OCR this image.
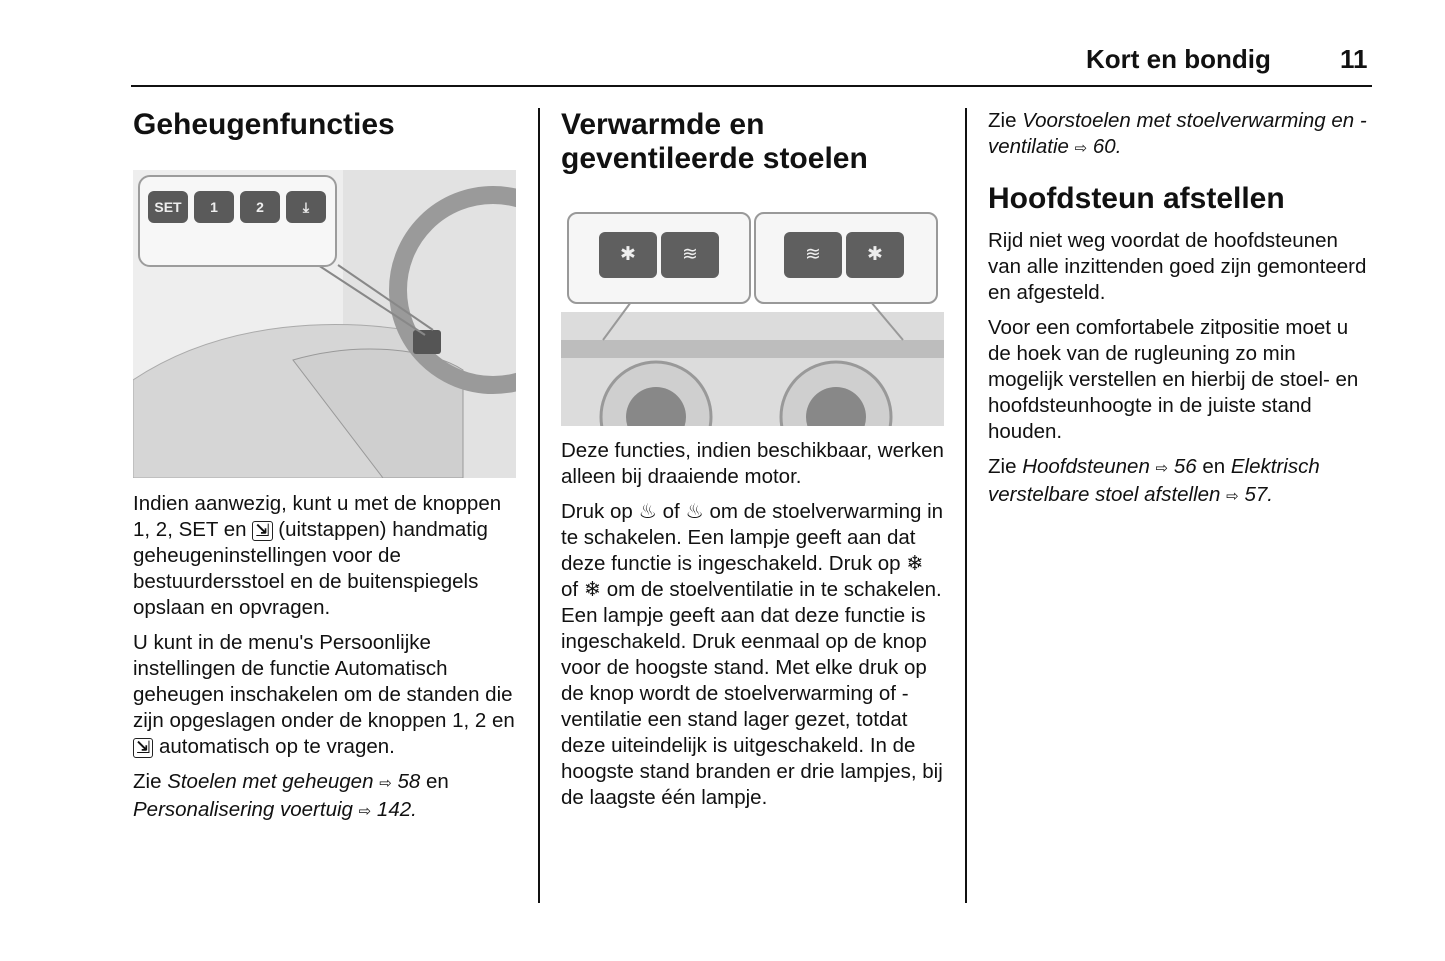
Kort en bondig	11
Geheugenfuncties
SET	1	2	⤓

Indien aanwezig, kunt u met de knoppen 1, 2, SET en ⇲ (uitstappen) handmatig geheugeninstellingen voor de bestuurdersstoel en de buitenspiegels opslaan en opvragen.

U kunt in de menu's Persoonlijke instellingen de functie Automatisch geheugen inschakelen om de standen die zijn opgeslagen onder de knoppen 1, 2 en ⇲ automatisch op te vragen.

Zie Stoelen met geheugen ⇨ 58 en Personalisering voertuig ⇨ 142.

Verwarmde en geventileerde stoelen
✱	≋	≋	✱

Deze functies, indien beschikbaar, werken alleen bij draaiende motor.

Druk op ♨ of ♨ om de stoelverwarming in te schakelen. Een lampje geeft aan dat deze functie is ingeschakeld. Druk op ❄ of ❄ om de stoelventilatie in te schakelen. Een lampje geeft aan dat deze functie is ingeschakeld. Druk eenmaal op de knop voor de hoogste stand. Met elke druk op de knop wordt de stoelverwarming of -ventilatie een stand lager gezet, totdat deze uiteindelijk is uitgeschakeld. In de hoogste stand branden er drie lampjes, bij de laagste één lampje.

Zie Voorstoelen met stoelverwarming en -ventilatie ⇨ 60.

Hoofdsteun afstellen

Rijd niet weg voordat de hoofdsteunen van alle inzittenden goed zijn gemonteerd en afgesteld.

Voor een comfortabele zitpositie moet u de hoek van de rugleuning zo min mogelijk verstellen en hierbij de stoel- en hoofdsteunhoogte in de juiste stand houden.

Zie Hoofdsteunen ⇨ 56 en Elektrisch verstelbare stoel afstellen ⇨ 57.
